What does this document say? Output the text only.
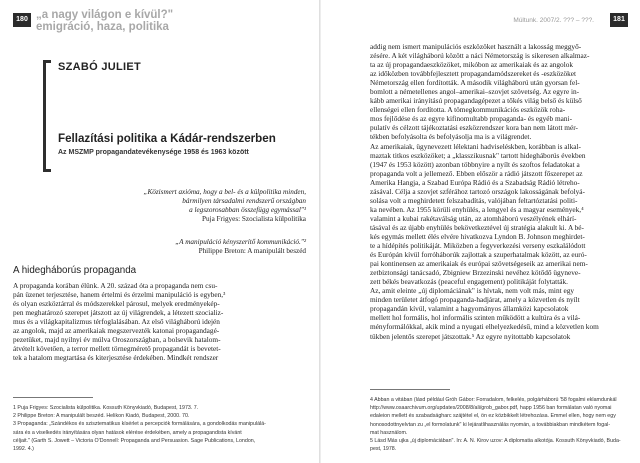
180 „a nagy világon e kívül?"
emigráció, haza, politika
SZABÓ JULIET
Fellazítási politika a Kádár-rendszerben
Az MSZMP propagandatevékenysége 1958 és 1963 között

„Közismert axióma, hogy a bel- és a külpolitika minden,

bármilyen társadalmi rendszerű országban

a legszorosabban összefügg egymással"¹

Puja Frigyes: Szocialista külpolitika

„A manipuláció kényszerítő kommunikáció."²

Philippe Breton: A manipulált beszéd

A hidegháborús propaganda

A propaganda korában élünk. A 20. század óta a propaganda nem csu-

pán üzenet terjesztése, hanem értelmi és érzelmi manipuláció is egyben,³

és olyan eszköztárral és módszerekkel párosul, melyek eredményekép-

pen meghatározó szerepet játszott az új világrendek, a létezett szocializ-

mus és a világkapitalizmus térfoglalásában. Az első világháború idején

az angolok, majd az amerikaiak megszervezték katonai propagandagé-

pezetüket, majd nyilnyi év múlva Oroszországban, a bolsevik hatalom-

átvételt követően, a terror mellett törnegmérető propagandát is bevetet-

tek a hatalom megtartása és kiterjesztése érdekében. Mindkét rendszer

1 Puja Frigyes: Szocialista külpolitika. Kossuth Könyvkiadó, Budapest, 1973. 7.

2 Philippe Breton: A manipulált beszéd. Helikon Kiadó, Budapest, 2000. 70.

3 Propaganda: „Szándékos és szisztematikus kísérlet a percepciók formálására, a gondolkodás manipulálá-

sára és a viselkedés irányítására olyan hatások elérése érdekében, amely a propagandista kívánt

céljait." (Garth S. Jowett – Victoria O'Donnell: Propaganda and Persuasion. Sage Publications, London,

1992. 4.)

Múltunk. 2007/2. ??? – ???.	181

addig nem ismert manipulációs eszközöket használt a lakosság meggyő-

zésére. A két világháború között a náci Németország is sikeresen alkalmaz-

ta az új propagandaeszközöket, mikóbon az amerikaiak és az angolok

az időközben továbbfejlesztett propagandamódszereket és -eszközöket

Németország ellen fordították. A második világháború után gyorsan fel-

bomlott a németellenes angol–amerikai–szovjet szövetség. Az egyre in-

kább amerikai irányítású propagandagépezet a tőkés világ belső és külső

ellenségei ellen fordította. A tömegkommunikációs eszközök roha-

mos fejlődése és az egyre kifinomultabb propaganda- és egyéb mani-

pulatív és célzott tájékoztatási eszközrendszer kora ban nem látott mér-

tékben befolyásolta és befolyásolja ma is a világrendet.

Az amerikaiak, ügynevezett lélektani hadviseléskben, korábban is alkal-

maztak titkos eszközöket; a „klasszikusnak" tartott hidegháborús években

(1947 és 1953 között) azonban többnyire a nyílt és szoftos feladatokat a

propaganda volt a jellemező. Ebben először a rádió játszott főszerepet az

Amerika Hangja, a Szabad Európa Rádió és a Szabadság Rádió létreho-

zásával. Célja a szovjet szférához tartozó országok lakosságának befolyá-

solása volt a meghirdetett felszabadítás, valójában feltartóztatási politi-

ka nevében. Az 1955 körüli enyhülés, a lengyel és a magyar események,⁴

valamint a kubai rakétaválság után, az atomháború veszélyének elhárí-

tásával és az újabb enyhülés bekövetkeztével új stratégia alakult ki. A bé-

kés egymás mellett élés elvére hivatkozva Lyndon B. Johnson meghirdet-

te a hídépítés politikáját. Miközben a fegyverkezési verseny eszkalálódott

és Európán kívül forróháborúk zajlottak a szuperhatalmak között, az euró-

pai kontinensen az amerikaiak és európai szövetségeseik az amerikai nem-

zetbiztonsági tanácsadó, Zbigniew Brzezinski nevéhez kötődő ügyneve-

zett békés beavatkozás (peaceful engagement) politikáját folytatták.

Az, amit eleinte „új diplomáciának" is hívtak, nem volt más, mint egy

minden területet átfogó propaganda-hadjárat, amely a közvetlen és nyílt

propagandán kívül, valamint a hagyományos államközi kapcsolatok

mellett hol formális, hol informális szinten működött a kultúra és a vilá-

ményformálókkal, akik mind a nyugati elhelyezkedésű, mind a közvetlen kom

tükben jelentős szerepet játszottak.⁵ Az egyre nyitottabb kapcsolatok

4 Abban a vitában (lásd például Gróh Gábor: Forradalom, felkelés, polgárháború '58 fogalmi eklamdunkál

http://www.osaarchivum.org/updates/2008/8/ali/grob_gabor.pdf, happ 1956 ban formálatan való nyomai

edaleion mellett és szabadságharc szájtétel el, ön ez közbikkelt létrehozása. Emmel ellen, hogy nem egy

honosodottnyelvtan zu „el formolatunk" ki lejáratlihasználás nyomán, a továbbiakban mindkétem fogal-

mat használom.

5 Lásd Más ujka „új diplomáciában". In: A. N. Kirov uzov: A diplomatia alkotója. Kossuth Könyvkiadó, Buda-

pest, 1978.
